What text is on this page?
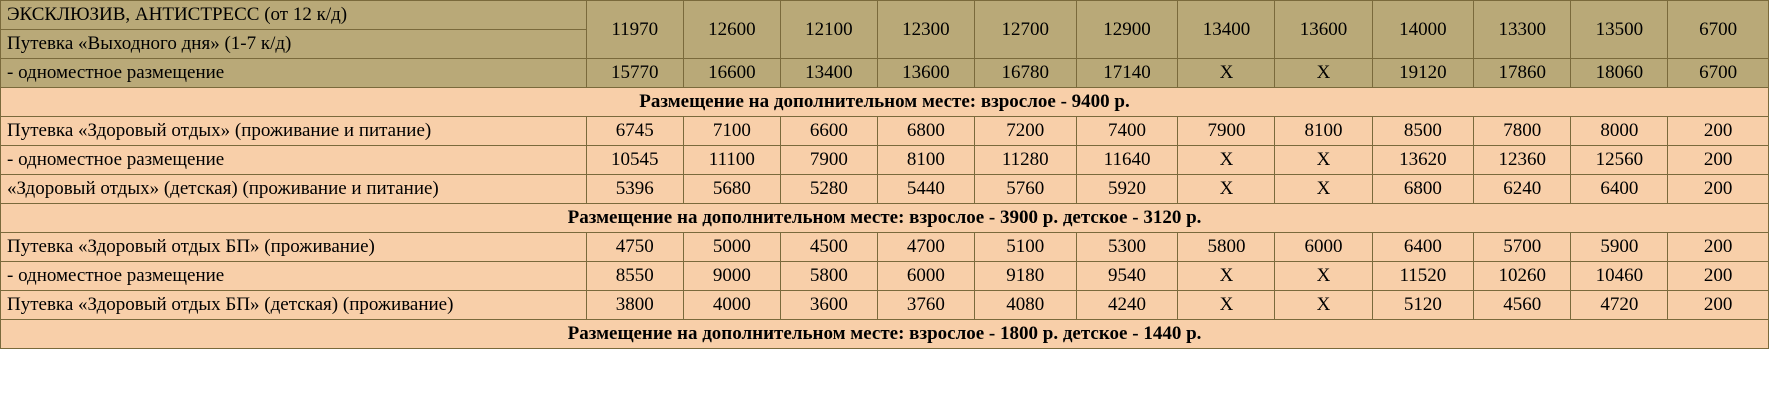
ЭКСКЛЮЗИВ, АНТИСТРЕСС (от 12 к/д)	11970	12600	12100	12300	12700	12900	13400	13600	14000	13300	13500	6700
Путевка «Выходного дня» (1-7 к/д)												
- одноместное размещение	15770	16600	13400	13600	16780	17140	X	X	19120	17860	18060	6700
Размещение на дополнительном месте: взрослое - 9400 р.												
Путевка «Здоровый отдых» (проживание и питание)	6745	7100	6600	6800	7200	7400	7900	8100	8500	7800	8000	200
- одноместное размещение	10545	11100	7900	8100	11280	11640	X	X	13620	12360	12560	200
«Здоровый отдых» (детская) (проживание и питание)	5396	5680	5280	5440	5760	5920	X	X	6800	6240	6400	200
Размещение на дополнительном месте: взрослое - 3900 р. детское - 3120 р.												
Путевка «Здоровый отдых БП» (проживание)	4750	5000	4500	4700	5100	5300	5800	6000	6400	5700	5900	200
- одноместное размещение	8550	9000	5800	6000	9180	9540	X	X	11520	10260	10460	200
Путевка «Здоровый отдых БП» (детская) (проживание)	3800	4000	3600	3760	4080	4240	X	X	5120	4560	4720	200
Размещение на дополнительном месте: взрослое - 1800 р. детское - 1440 р.												
